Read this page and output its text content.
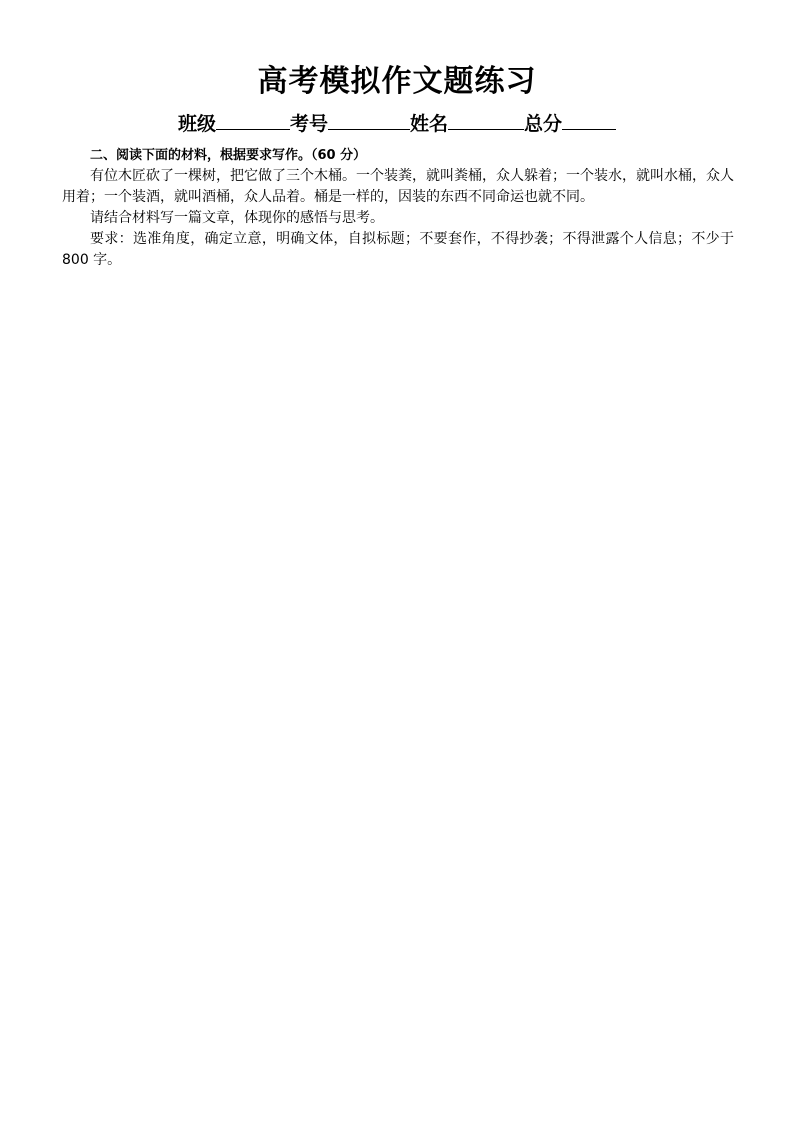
高考模拟作文题练习
班级	考号	姓名	总分

二、阅读下面的材料，根据要求写作。（60 分）

有位木匠砍了一棵树，把它做了三个木桶。一个装粪，就叫粪桶，众人躲着；一个装水，就叫水桶，众人用着；一个装酒，就叫酒桶，众人品着。桶是一样的，因装的东西不同命运也就不同。

请结合材料写一篇文章，体现你的感悟与思考。

要求：选准角度，确定立意，明确文体，自拟标题；不要套作，不得抄袭；不得泄露个人信息；不少于 800 字。
